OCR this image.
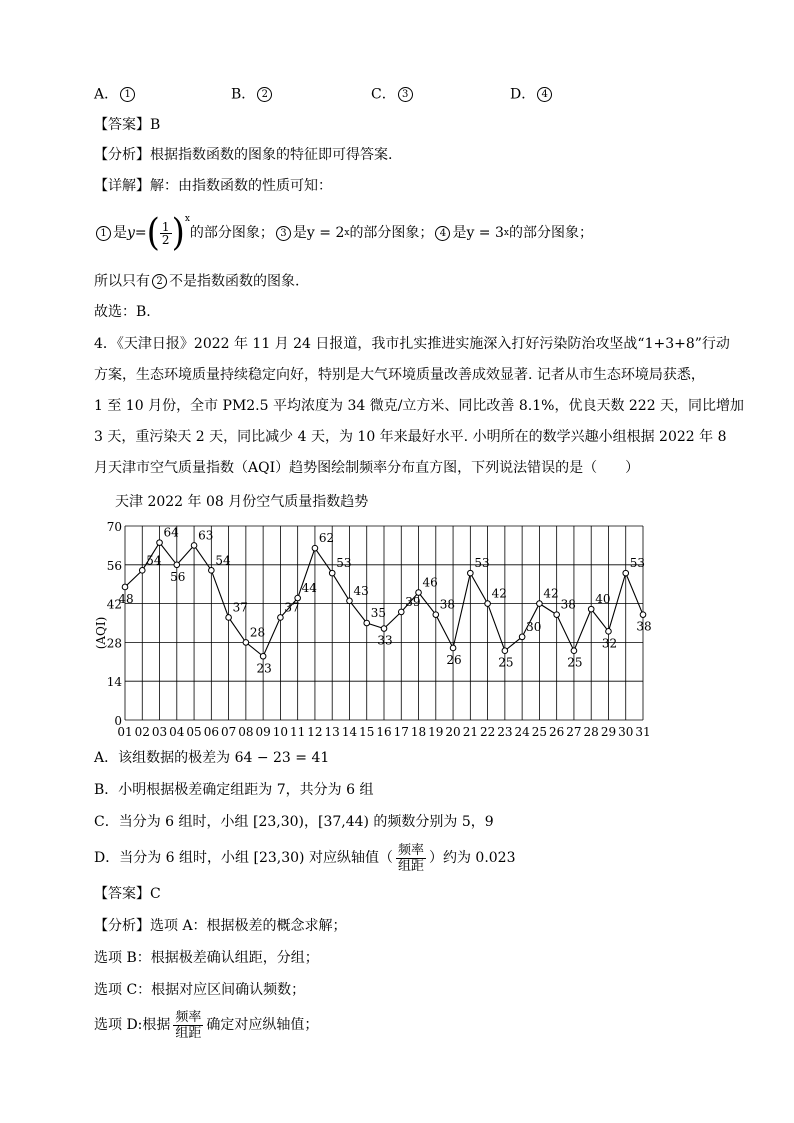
A． 1	B． 2	C． 3	D． 4
【答案】B
【分析】根据指数函数的图象的特征即可得答案.
【详解】解：由指数函数的性质可知：
1 是 y = ( $\frac{1}{2} )^x$
的部分图象； 3 是 y = 2 x 的部分图象； 4 是 y = 3 x 的部分图象；
所以只有 2 不是指数函数的图象.
故选：B.
4．《天津日报》2022 年 11 月 24 日报道，我市扎实推进实施深入打好污染防治攻坚战“1+3+8”行动
方案，生态环境质量持续稳定向好，特别是大气环境质量改善成效显著. 记者从市生态环境局获悉，
1 至 10 月份，全市 PM2.5 平均浓度为 34 微克/立方米、同比改善 8.1%，优良天数 222 天，同比增加
3 天，重污染天 2 天，同比减少 4 天，为 10 年来最好水平. 小明所在的数学兴趣小组根据 2022 年 8
月天津市空气质量指数（AQI）趋势图绘制频率分布直方图，下列说法错误的是（　　）
天津 2022 年 08 月份空气质量指数趋势
0
14
28
42
56
70
(AQI)
01 02 03 04 05 06 07 08 09 10 11 12 13 14 15 16 17 18 19 20 21 22 23 24 25 26 27 28 29 30 31
48
54
64
56
63
54
37
28
23
37
44
62
53
43
35
33
39
46
38
26
53
42
25
30
42
38
25
40
32
53
38
A．该组数据的极差为 64 − 23 = 41
B．小明根据极差确定组距为 7，共分为 6 组
C．当分为 6 组时，小组 [23,30)，[37,44) 的频数分别为 5，9
D． 当分为 6 组时，小组 [23,30) 对应纵轴值（ $\frac{\text{频率}}{\text{组距}}$ ）约为 0.023
【答案】C
【分析】选项 A：根据极差的概念求解；
选项 B：根据极差确认组距，分组；
选项 C：根据对应区间确认频数；
选项 D:根据 $\frac{\text{频率}}{\text{组距}}$ 确定对应纵轴值；
